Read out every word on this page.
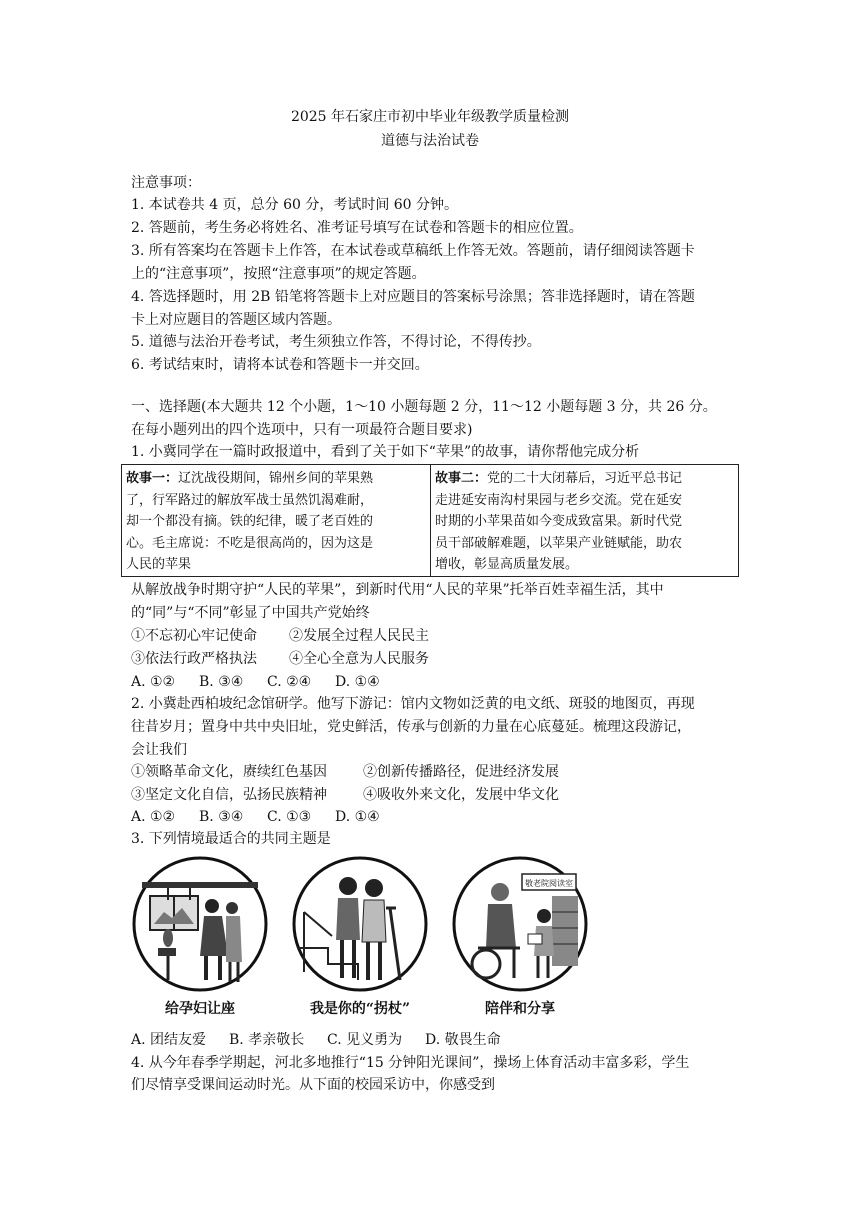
2025 年石家庄市初中毕业年级教学质量检测
道德与法治试卷
注意事项：
1. 本试卷共 4 页，总分 60 分，考试时间 60 分钟。
2. 答题前，考生务必将姓名、准考证号填写在试卷和答题卡的相应位置。
3. 所有答案均在答题卡上作答，在本试卷或草稿纸上作答无效。答题前，请仔细阅读答题卡
上的“注意事项”，按照“注意事项”的规定答题。
4. 答选择题时，用 2B 铅笔将答题卡上对应题目的答案标号涂黑；答非选择题时，请在答题
卡上对应题目的答题区域内答题。
5. 道德与法治开卷考试，考生须独立作答，不得讨论，不得传抄。
6. 考试结束时，请将本试卷和答题卡一并交回。
一、选择题(本大题共 12 个小题，1～10 小题每题 2 分，11～12 小题每题 3 分，共 26 分。
在每小题列出的四个选项中，只有一项最符合题目要求)
1. 小冀同学在一篇时政报道中，看到了关于如下“苹果”的故事，请你帮他完成分析
故事一：辽沈战役期间，锦州乡间的苹果熟
了，行军路过的解放军战士虽然饥渴难耐，
却一个都没有摘。铁的纪律，暖了老百姓的
心。毛主席说：不吃是很高尚的，因为这是
人民的苹果
故事二：党的二十大闭幕后，习近平总书记
走进延安南沟村果园与老乡交流。党在延安
时期的小苹果苗如今变成致富果。新时代党
员干部破解难题，以苹果产业链赋能，助农
增收，彰显高质量发展。
从解放战争时期守护“人民的苹果”，到新时代用“人民的苹果”托举百姓幸福生活，其中
的“同”与“不同”彰显了中国共产党始终
①不忘初心牢记使命 ②发展全过程人民民主
③依法行政严格执法 ④全心全意为人民服务
A. ①② B. ③④ C. ②④ D. ①④
2. 小冀赴西柏坡纪念馆研学。他写下游记：馆内文物如泛黄的电文纸、斑驳的地图页，再现
往昔岁月；置身中共中央旧址，党史鲜活，传承与创新的力量在心底蔓延。梳理这段游记，
会让我们
①领略革命文化，赓续红色基因	②创新传播路径，促进经济发展
③坚定文化自信，弘扬民族精神	④吸收外来文化，发展中华文化
A. ①② B. ③④ C. ①③ D. ①④
3. 下列情境最适合的共同主题是
给孕妇让座	我是你的“拐杖”
敬老院阅读室
陪伴和分享
A. 团结友爱 B. 孝亲敬长 C. 见义勇为 D. 敬畏生命
4. 从今年春季学期起，河北多地推行“15 分钟阳光课间”，操场上体育活动丰富多彩，学生
们尽情享受课间运动时光。从下面的校园采访中，你感受到
